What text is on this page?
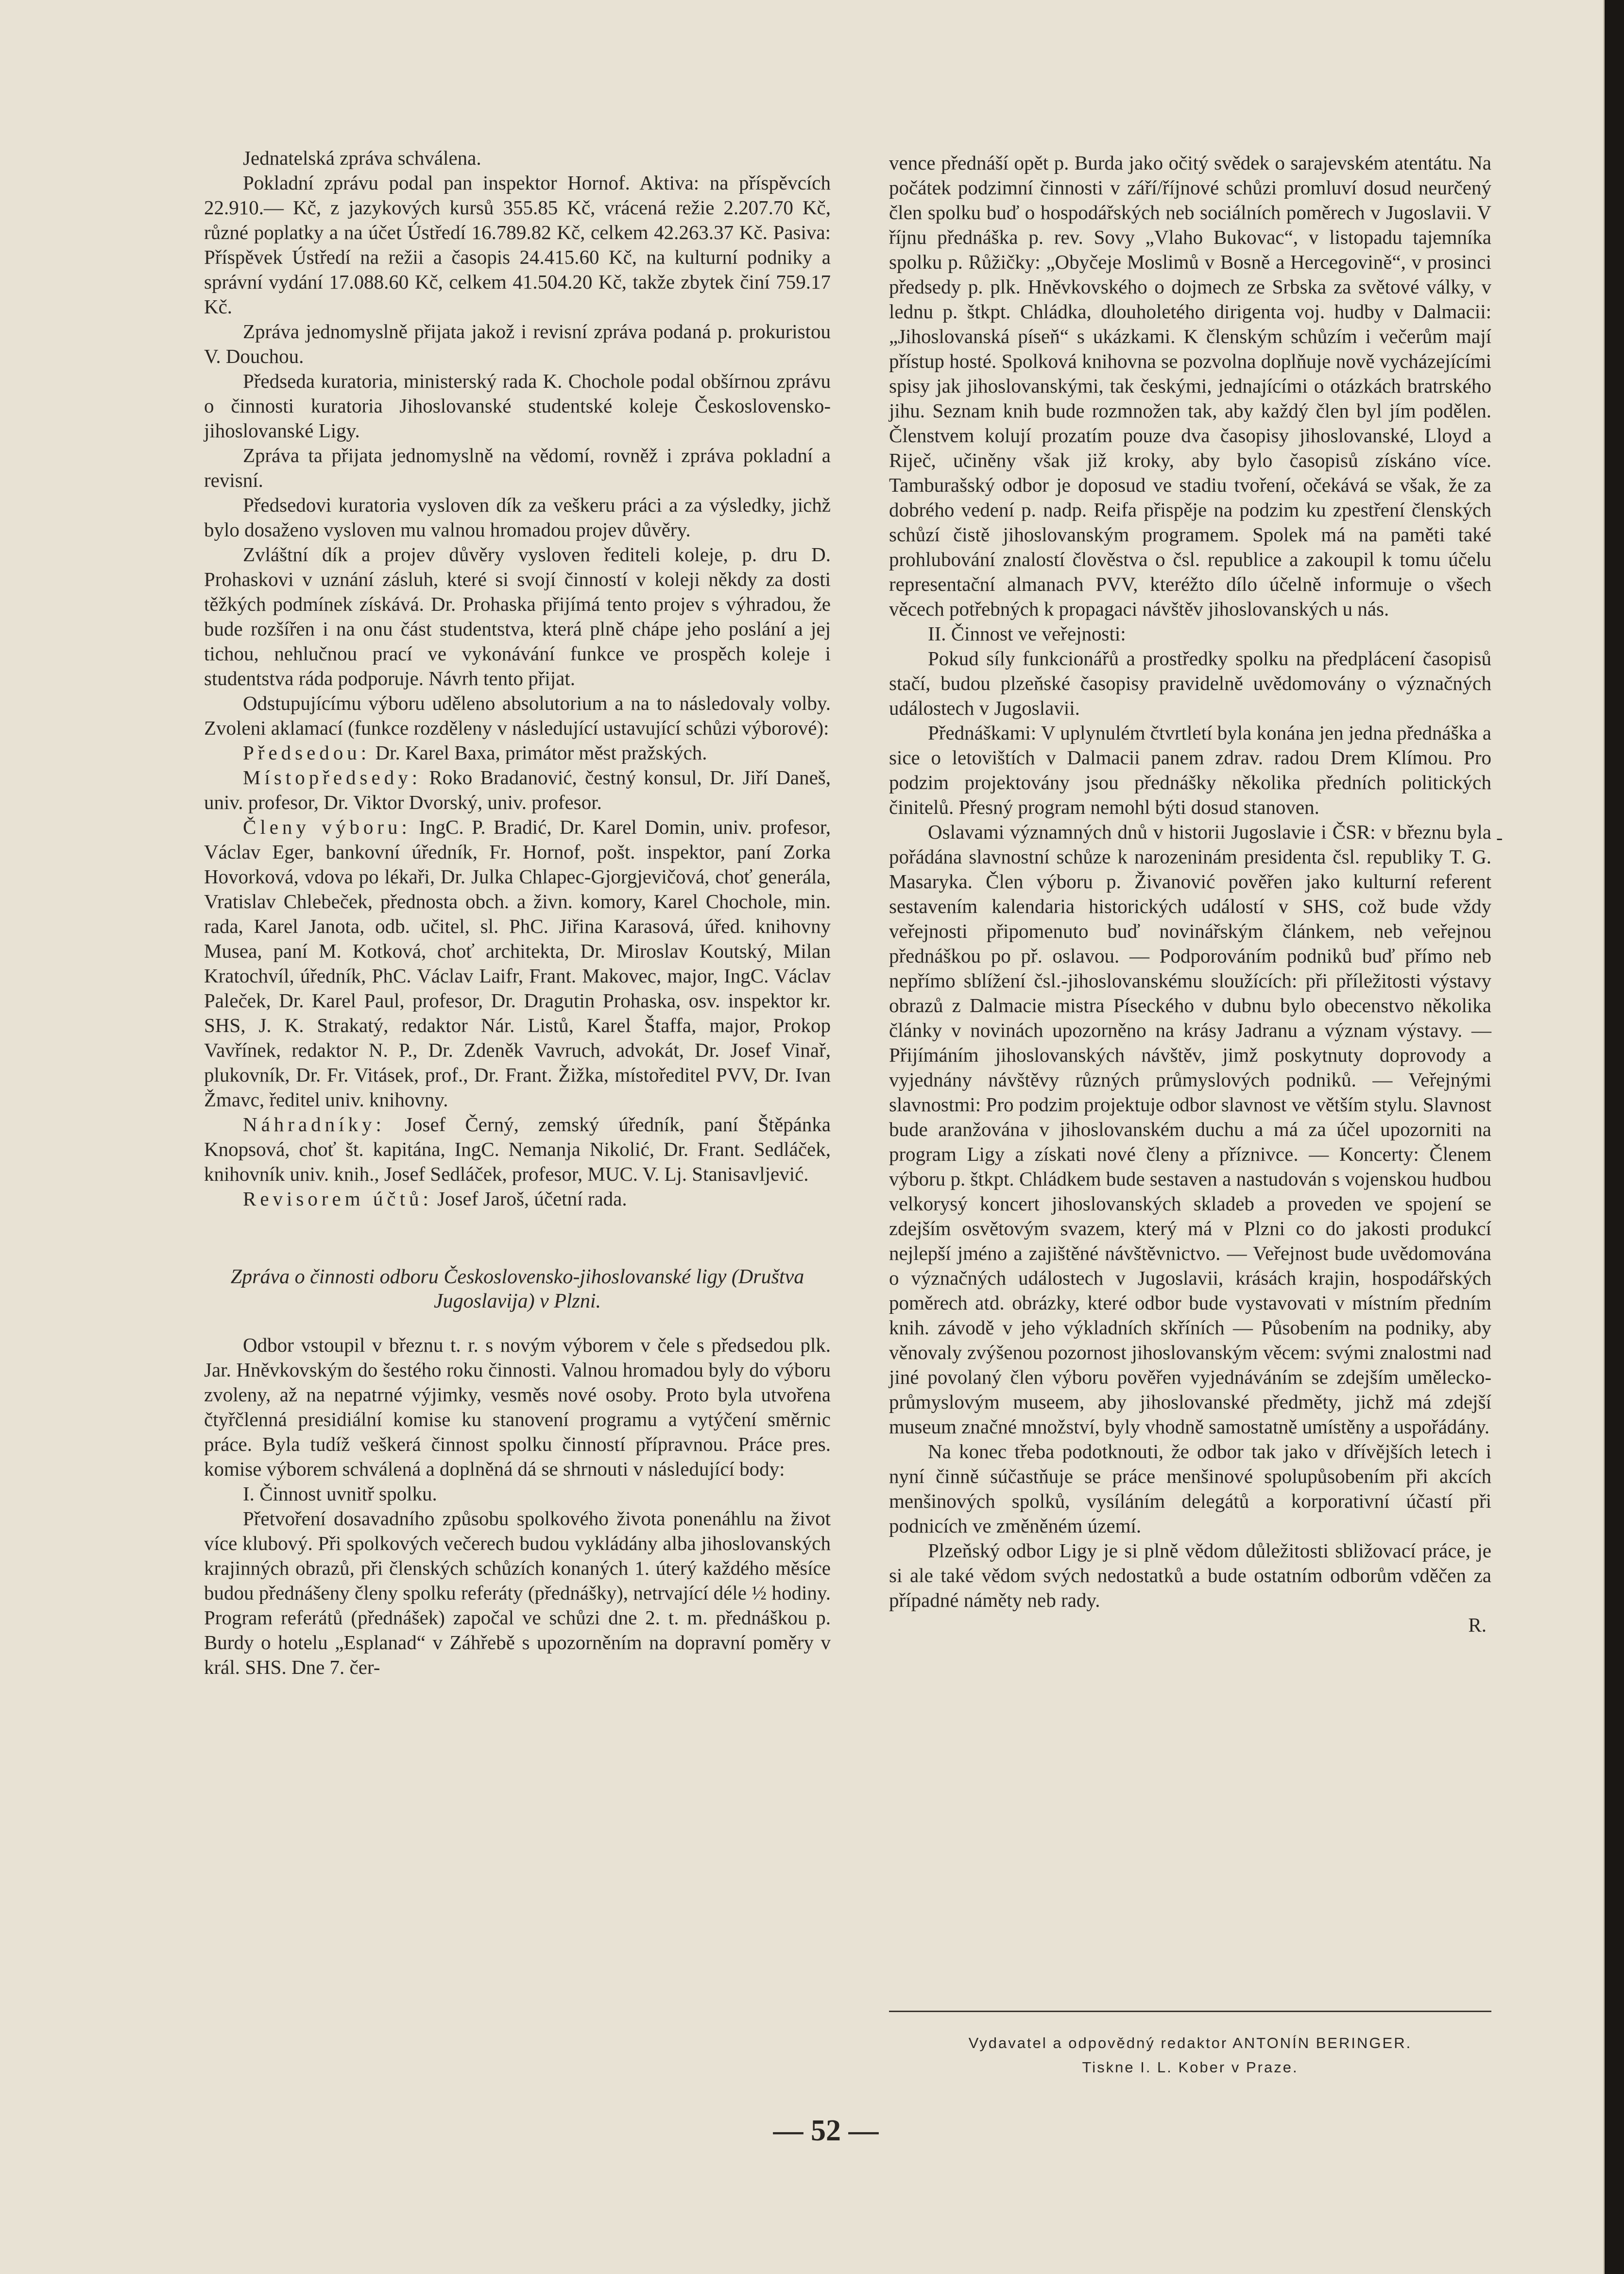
Jednatelská zpráva schválena.

Pokladní zprávu podal pan inspektor Hornof. Aktiva: na příspěvcích 22.910.— Kč, z jazykových kursů 355.85 Kč, vrácená režie 2.207.70 Kč, různé poplatky a na účet Ústředí 16.789.82 Kč, celkem 42.263.37 Kč. Pasiva: Příspěvek Ústředí na režii a časopis 24.415.60 Kč, na kulturní podniky a správní vydání 17.088.60 Kč, celkem 41.504.20 Kč, takže zbytek činí 759.17 Kč.

Zpráva jednomyslně přijata jakož i revisní zpráva podaná p. prokuristou V. Douchou.

Předseda kuratoria, ministerský rada K. Chochole podal obšírnou zprávu o činnosti kuratoria Jihoslovanské studentské koleje Československo-jihoslovanské Ligy.

Zpráva ta přijata jednomyslně na vědomí, rovněž i zpráva pokladní a revisní.

Předsedovi kuratoria vysloven dík za veškeru práci a za výsledky, jichž bylo dosaženo vysloven mu valnou hromadou projev důvěry.

Zvláštní dík a projev důvěry vysloven řediteli koleje, p. dru D. Prohaskovi v uznání zásluh, které si svojí činností v koleji někdy za dosti těžkých podmínek získává. Dr. Prohaska přijímá tento projev s výhradou, že bude rozšířen i na onu část studentstva, která plně chápe jeho poslání a jej tichou, nehlučnou prací ve vykonávání funkce ve prospěch koleje i studentstva ráda podporuje. Návrh tento přijat.

Odstupujícímu výboru uděleno absolutorium a na to následovaly volby. Zvoleni aklamací (funkce rozděleny v následující ustavující schůzi výborové):

Předsedou: Dr. Karel Baxa, primátor měst pražských.

Místopředsedy: Roko Bradanović, čestný konsul, Dr. Jiří Daneš, univ. profesor, Dr. Viktor Dvorský, univ. profesor.

Členy výboru: IngC. P. Bradić, Dr. Karel Domin, univ. profesor, Václav Eger, bankovní úředník, Fr. Hornof, pošt. inspektor, paní Zorka Hovorková, vdova po lékaři, Dr. Julka Chlapec-Gjorgjevičová, choť generála, Vratislav Chlebeček, přednosta obch. a živn. komory, Karel Chochole, min. rada, Karel Janota, odb. učitel, sl. PhC. Jiřina Karasová, úřed. knihovny Musea, paní M. Kotková, choť architekta, Dr. Miroslav Koutský, Milan Kratochvíl, úředník, PhC. Václav Laifr, Frant. Makovec, major, IngC. Václav Paleček, Dr. Karel Paul, profesor, Dr. Dragutin Prohaska, osv. inspektor kr. SHS, J. K. Strakatý, redaktor Nár. Listů, Karel Štaffa, major, Prokop Vavřínek, redaktor N. P., Dr. Zdeněk Vavruch, advokát, Dr. Josef Vinař, plukovník, Dr. Fr. Vitásek, prof., Dr. Frant. Žižka, místoředitel PVV, Dr. Ivan Žmavc, ředitel univ. knihovny.

Náhradníky: Josef Černý, zemský úředník, paní Štěpánka Knopsová, choť št. kapitána, IngC. Nemanja Nikolić, Dr. Frant. Sedláček, knihovník univ. knih., Josef Sedláček, profesor, MUC. V. Lj. Stanisavljević.

Revisorem účtů: Josef Jaroš, účetní rada.

Zpráva o činnosti odboru Československo-jihoslovanské ligy (Društva Jugoslavija) v Plzni.

Odbor vstoupil v březnu t. r. s novým výborem v čele s předsedou plk. Jar. Hněvkovským do šestého roku činnosti. Valnou hromadou byly do výboru zvoleny, až na nepatrné výjimky, vesměs nové osoby. Proto byla utvořena čtyřčlenná presidiální komise ku stanovení programu a vytýčení směrnic práce. Byla tudíž veškerá činnost spolku činností přípravnou. Práce pres. komise výborem schválená a doplněná dá se shrnouti v následující body:

I. Činnost uvnitř spolku.

Přetvoření dosavadního způsobu spolkového života ponenáhlu na život více klubový. Při spolkových večerech budou vykládány alba jihoslovanských krajinných obrazů, při členských schůzích konaných 1. úterý každého měsíce budou přednášeny členy spolku referáty (přednášky), netrvající déle ½ hodiny. Program referátů (přednášek) započal ve schůzi dne 2. t. m. přednáškou p. Burdy o hotelu „Esplanad“ v Záhřebě s upozorněním na dopravní poměry v král. SHS. Dne 7. čer-

vence přednáší opět p. Burda jako očitý svědek o sarajevském atentátu. Na počátek podzimní činnosti v září/říjnové schůzi promluví dosud neurčený člen spolku buď o hospodářských neb sociálních poměrech v Jugoslavii. V říjnu přednáška p. rev. Sovy „Vlaho Bukovac“, v listopadu tajemníka spolku p. Růžičky: „Obyčeje Moslimů v Bosně a Hercegovině“, v prosinci předsedy p. plk. Hněvkovského o dojmech ze Srbska za světové války, v lednu p. štkpt. Chládka, dlouholetého dirigenta voj. hudby v Dalmacii: „Jihoslovanská píseň“ s ukázkami. K členským schůzím i večerům mají přístup hosté. Spolková knihovna se pozvolna doplňuje nově vycházejícími spisy jak jihoslovanskými, tak českými, jednajícími o otázkách bratrského jihu. Seznam knih bude rozmnožen tak, aby každý člen byl jím podělen. Členstvem kolují prozatím pouze dva časopisy jihoslovanské, Lloyd a Riječ, učiněny však již kroky, aby bylo časopisů získáno více. Tamburašský odbor je doposud ve stadiu tvoření, očekává se však, že za dobrého vedení p. nadp. Reifa přispěje na podzim ku zpestření členských schůzí čistě jihoslovanským programem. Spolek má na paměti také prohlubování znalostí člověstva o čsl. republice a zakoupil k tomu účelu representační almanach PVV, kteréžto dílo účelně informuje o všech věcech potřebných k propagaci návštěv jihoslovanských u nás.

II. Činnost ve veřejnosti:

Pokud síly funkcionářů a prostředky spolku na předplácení časopisů stačí, budou plzeňské časopisy pravidelně uvědomovány o význačných událostech v Jugoslavii.

Přednáškami: V uplynulém čtvrtletí byla konána jen jedna přednáška a sice o letovištích v Dalmacii panem zdrav. radou Drem Klímou. Pro podzim projektovány jsou přednášky několika předních politických činitelů. Přesný program nemohl býti dosud stanoven.

Oslavami významných dnů v historii Jugoslavie i ČSR: v březnu byla pořádána slavnostní schůze k narozeninám presidenta čsl. republiky T. G. Masaryka. Člen výboru p. Živanović pověřen jako kulturní referent sestavením kalendaria historických událostí v SHS, což bude vždy veřejnosti připomenuto buď novinářským článkem, neb veřejnou přednáškou po př. oslavou. — Podporováním podniků buď přímo neb nepřímo sblížení čsl.-jihoslovanskému sloužících: při příležitosti výstavy obrazů z Dalmacie mistra Píseckého v dubnu bylo obecenstvo několika články v novinách upozorněno na krásy Jadranu a význam výstavy. — Přijímáním jihoslovanských návštěv, jimž poskytnuty doprovody a vyjednány návštěvy různých průmyslových podniků. — Veřejnými slavnostmi: Pro podzim projektuje odbor slavnost ve větším stylu. Slavnost bude aranžována v jihoslovanském duchu a má za účel upozorniti na program Ligy a získati nové členy a příznivce. — Koncerty: Členem výboru p. štkpt. Chládkem bude sestaven a nastudován s vojenskou hudbou velkorysý koncert jihoslovanských skladeb a proveden ve spojení se zdejším osvětovým svazem, který má v Plzni co do jakosti produkcí nejlepší jméno a zajištěné návštěvnictvo. — Veřejnost bude uvědomována o význačných událostech v Jugoslavii, krásách krajin, hospodářských poměrech atd. obrázky, které odbor bude vystavovati v místním předním knih. závodě v jeho výkladních skříních — Působením na podniky, aby věnovaly zvýšenou pozornost jihoslovanským věcem: svými znalostmi nad jiné povolaný člen výboru pověřen vyjednáváním se zdejším umělecko-průmyslovým museem, aby jihoslovanské předměty, jichž má zdejší museum značné množství, byly vhodně samostatně umístěny a uspořádány.

Na konec třeba podotknouti, že odbor tak jako v dřívějších letech i nyní činně súčastňuje se práce menšinové spolupůsobením při akcích menšinových spolků, vysíláním delegátů a korporativní účastí při podnicích ve změněném území.

Plzeňský odbor Ligy je si plně vědom důležitosti sbližovací práce, je si ale také vědom svých nedostatků a bude ostatním odborům vděčen za případné náměty neb rady.

R.

-
Vydavatel a odpovědný redaktor ANTONÍN BERINGER.
Tiskne I. L. Kober v Praze.
— 52 —
